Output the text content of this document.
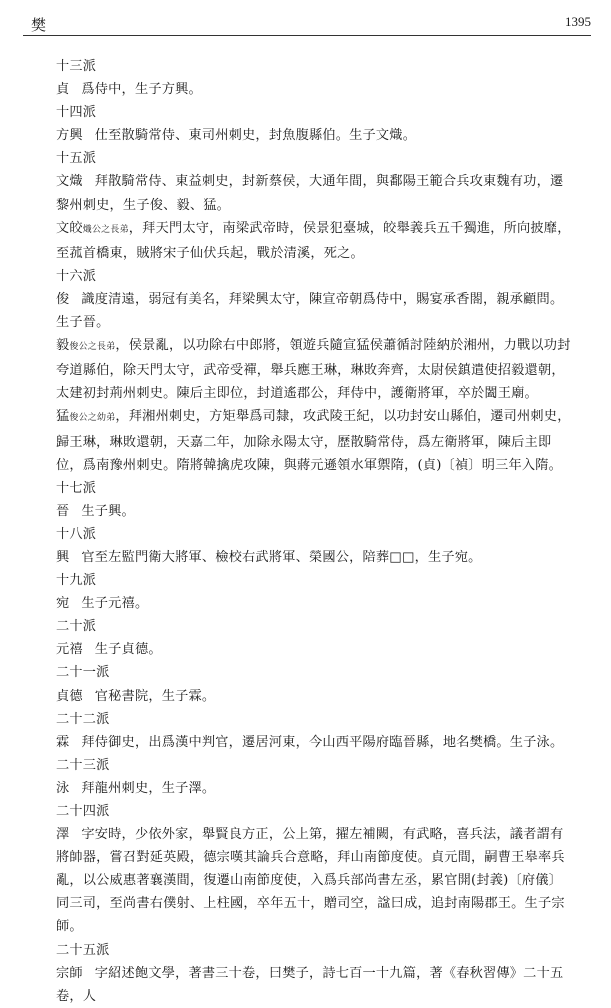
樊	1395

十三派

貞 爲侍中，生子方興。

十四派

方興 仕至散騎常侍、東司州刺史，封魚腹縣伯。生子文熾。

十五派

文熾 拜散騎常侍、東益刺史，封新蔡侯，大通年間，與鄱陽王範合兵攻東魏有功，遷黎州刺史，生子俊、毅、猛。

文皎熾公之長弟，拜天門太守，南梁武帝時，侯景犯臺城，皎舉義兵五千獨進，所向披靡，至菰首橋東，賊將宋子仙伏兵起，戰於清溪，死之。

十六派

俊 識度清遠，弱冠有美名，拜梁興太守，陳宣帝朝爲侍中，賜宴承香閤，親承顧問。生子晉。

毅俊公之長弟，侯景亂，以功除右中郎將，領遊兵隨宣猛侯蕭循討陸納於湘州，力戰以功封夸道縣伯，除天門太守，武帝受禪，舉兵應王琳，琳敗奔齊，太尉侯鎮遣使招毅還朝，太建初封荊州刺史。陳后主即位，封道遙郡公，拜侍中，護衛將軍，卒於闔王廟。

猛俊公之幼弟，拜湘州刺史，方矩舉爲司隸，攻武陵王紀，以功封安山縣伯，遷司州刺史，歸王琳，琳敗還朝，天嘉二年，加除永陽太守，歷散騎常侍，爲左衛將軍，陳后主即位，爲南豫州刺史。隋將韓擒虎攻陳，與蔣元遜領水軍禦隋，(貞)〔禎〕明三年入隋。

十七派

晉 生子興。

十八派

興 官至左監門衛大將軍、檢校右武將軍、榮國公，陪葬□□，生子宛。

十九派

宛 生子元禧。

二十派

元禧 生子貞德。

二十一派

貞德 官秘書院，生子霖。

二十二派

霖 拜侍御史，出爲漢中判官，遷居河東，今山西平陽府臨晉縣，地名樊橋。生子泳。

二十三派

泳 拜龍州刺史，生子澤。

二十四派

澤 字安時，少依外家，舉賢良方正，公上第，擢左補闕，有武略，喜兵法，議者謂有將帥器，嘗召對延英殿，德宗嘆其論兵合意略，拜山南節度使。貞元間，嗣曹王皋率兵亂，以公威惠著襄漢間，復遷山南節度使，入爲兵部尚書左丞，累官開(封義)〔府儀〕同三司，至尚書右僕射、上柱國，卒年五十，贈司空，諡曰成，追封南陽郡王。生子宗師。

二十五派

宗師 字紹述飽文學，著書三十卷，曰樊子，詩七百一十九篇，著《春秋習傳》二十五卷，人
